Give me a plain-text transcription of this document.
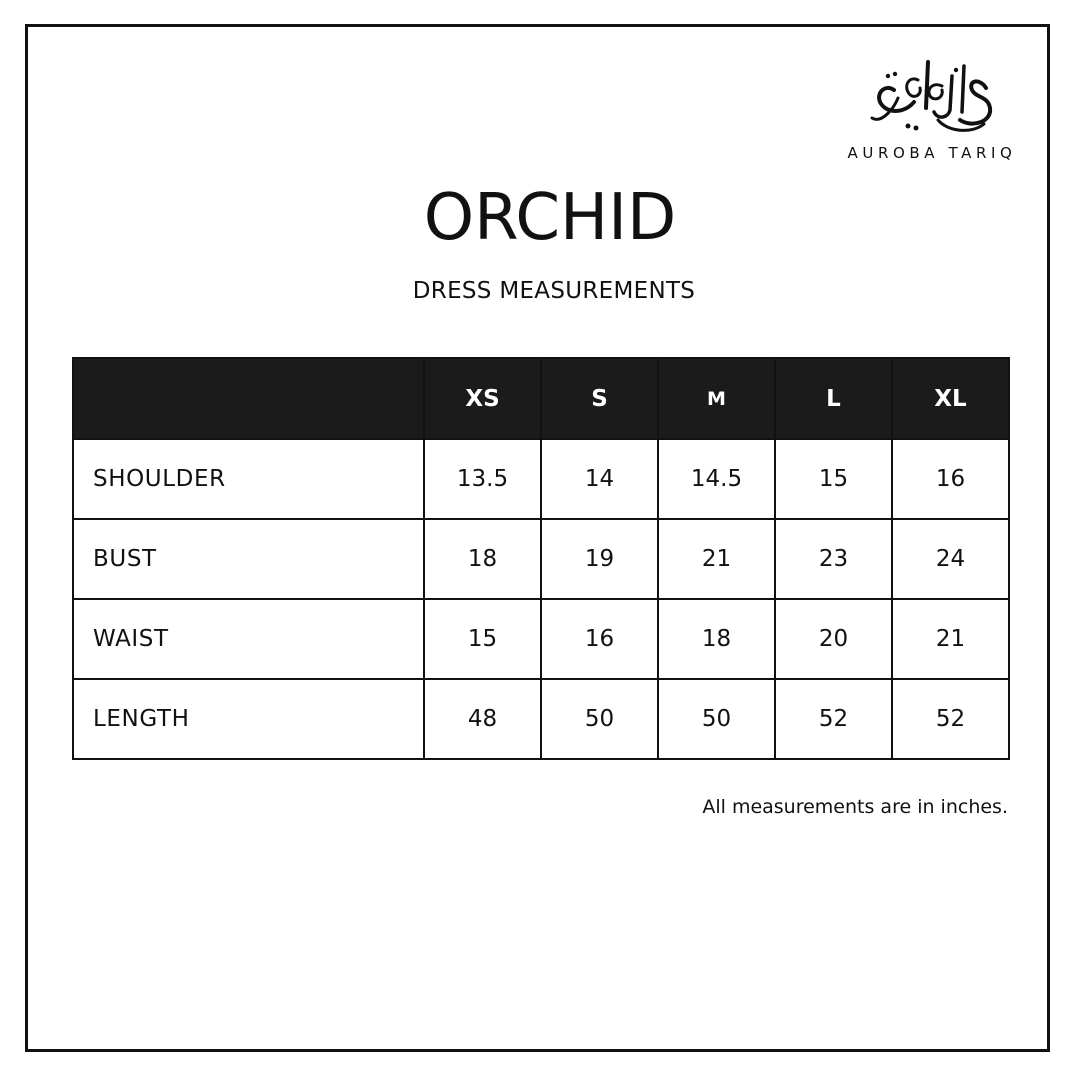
AUROBA TARIQ
ORCHID
DRESS MEASUREMENTS
	XS	S	M	L	XL
SHOULDER	13.5	14	14.5	15	16
BUST	18	19	21	23	24
WAIST	15	16	18	20	21
LENGTH	48	50	50	52	52
All measurements are in inches.
